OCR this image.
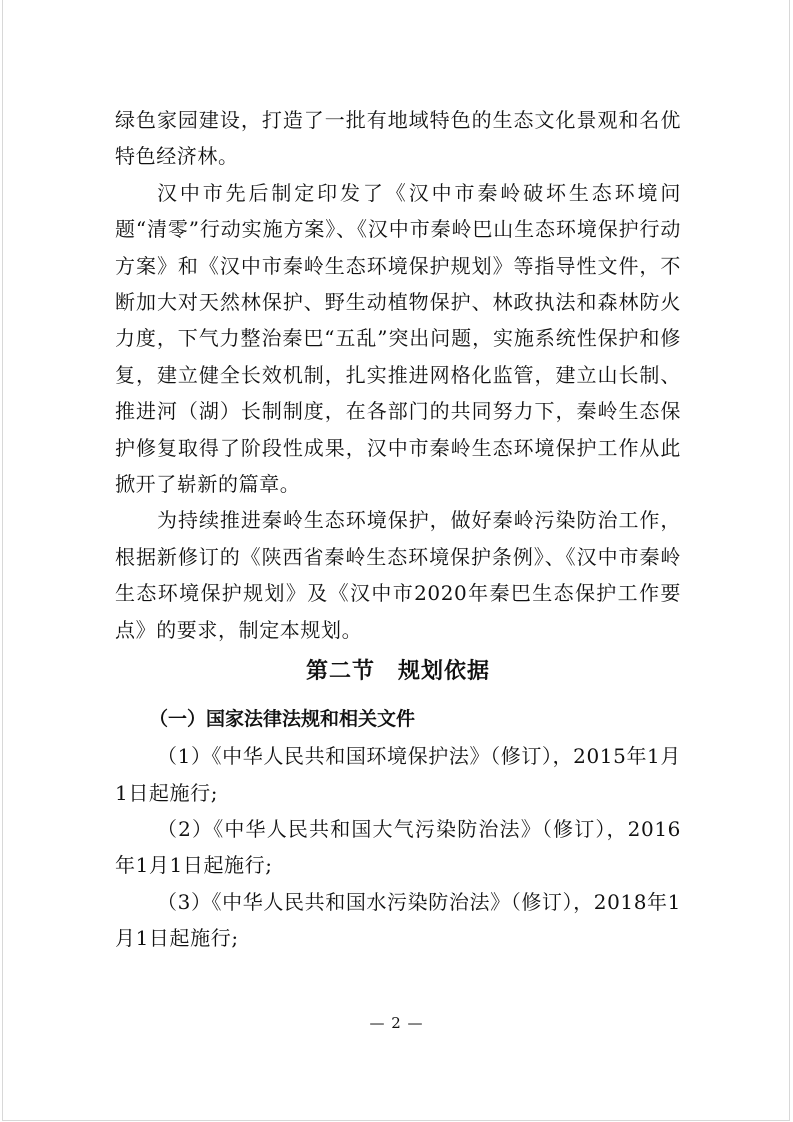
绿色家园建设，打造了一批有地域特色的生态文化景观和名优特色经济林。

汉中市先后制定印发了《汉中市秦岭破坏生态环境问题“清零”行动实施方案》、《汉中市秦岭巴山生态环境保护行动方案》和《汉中市秦岭生态环境保护规划》等指导性文件，不断加大对天然林保护、野生动植物保护、林政执法和森林防火力度，下气力整治秦巴“五乱”突出问题，实施系统性保护和修复，建立健全长效机制，扎实推进网格化监管，建立山长制、推进河（湖）长制制度，在各部门的共同努力下，秦岭生态保护修复取得了阶段性成果，汉中市秦岭生态环境保护工作从此掀开了崭新的篇章。

为持续推进秦岭生态环境保护，做好秦岭污染防治工作，根据新修订的《陕西省秦岭生态环境保护条例》、《汉中市秦岭生态环境保护规划》及《汉中市2020年秦巴生态保护工作要点》的要求，制定本规划。

第二节　规划依据
（一）国家法律法规和相关文件

（1）《中华人民共和国环境保护法》（修订），2015年1月1日起施行;

（2）《中华人民共和国大气污染防治法》（修订），2016年1月1日起施行;

（3）《中华人民共和国水污染防治法》（修订），2018年1月1日起施行;

— 2 —
